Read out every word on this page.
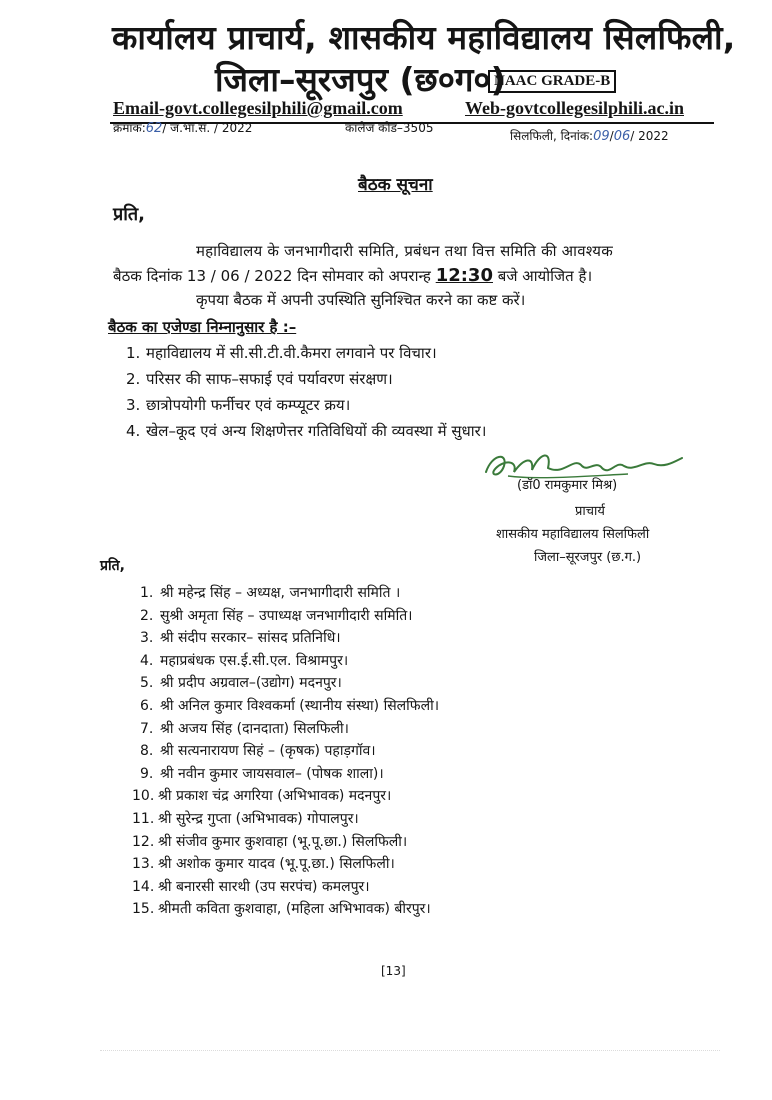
कार्यालय प्राचार्य, शासकीय महाविद्यालय सिलफिली,
जिला–सूरजपुर (छ०ग०)
NAAC GRADE-B
Email-govt.collegesilphili@gmail.com	Web-govtcollegesilphili.ac.in
क्रमांक:62/ ज.भा.स. / 2022	कालेज कोड–3505
सिलफिली, दिनांक:09/06/ 2022
बैठक सूचना
प्रति,
महाविद्यालय के जनभागीदारी समिति, प्रबंधन तथा वित्त समिति की आवश्यक
बैठक दिनांक 13 / 06 / 2022 दिन सोमवार को अपरान्ह 12:30 बजे आयोजित है।
कृपया बैठक में अपनी उपस्थिति सुनिश्चित करने का कष्ट करें।
बैठक का एजेण्डा निम्नानुसार है :–
1. महाविद्यालय में सी.सी.टी.वी.कैमरा लगवाने पर विचार।
2. परिसर की साफ–सफाई एवं पर्यावरण संरक्षण।
3. छात्रोपयोगी फर्नीचर एवं कम्प्यूटर क्रय।
4. खेल–कूद एवं अन्य शिक्षणेत्तर गतिविधियों की व्यवस्था में सुधार।
(डॉ0 रामकुमार मिश्र)
प्राचार्य
शासकीय महाविद्यालय सिलफिली
जिला–सूरजपुर (छ.ग.)
प्रति,
1. श्री महेन्द्र सिंह – अध्यक्ष, जनभागीदारी समिति ।
2. सुश्री अमृता सिंह – उपाध्यक्ष जनभागीदारी समिति।
3. श्री संदीप सरकार– सांसद प्रतिनिधि।
4. महाप्रबंधक एस.ई.सी.एल. विश्रामपुर।
5. श्री प्रदीप अग्रवाल–(उद्योग) मदनपुर।
6. श्री अनिल कुमार विश्वकर्मा (स्थानीय संस्था) सिलफिली।
7. श्री अजय सिंह (दानदाता) सिलफिली।
8. श्री सत्यनारायण सिहं – (कृषक) पहाड़गॉव।
9. श्री नवीन कुमार जायसवाल– (पोषक शाला)।
10. श्री प्रकाश चंद्र अगरिया (अभिभावक) मदनपुर।
11. श्री सुरेन्द्र गुप्ता (अभिभावक) गोपालपुर।
12. श्री संजीव कुमार कुशवाहा (भू.पू.छा.) सिलफिली।
13. श्री अशोक कुमार यादव (भू.पू.छा.) सिलफिली।
14. श्री बनारसी सारथी (उप सरपंच) कमलपुर।
15. श्रीमती कविता कुशवाहा, (महिला अभिभावक) बीरपुर।
[13]
